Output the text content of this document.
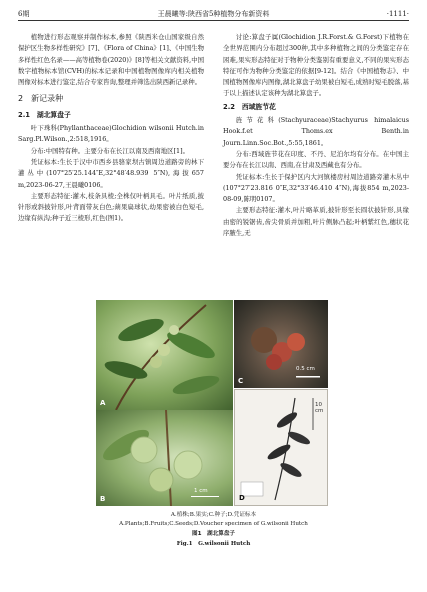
6期	王晨曦等:陕西省5种植物分布新资料	·1111·

植物进行形态观察并制作标本,参照《陕西米仓山国家级自然保护区生物多样性研究》[7]、《Flora of China》[1]、《中国生物多样性红色名录——高等植物卷(2020)》[8]等相关文献资料,中国数字植物标本馆(CVH)的标本记录和中国植物图像库内相关植物图像对标本进行鉴定,结合专家咨询,整理并筛选出陕西新记录种。

2　新记录种
2.1　湖北算盘子

叶下珠科(Phyllanthaceae)Glochidion wilsonii Hutch.in Sarg.Pl.Wilson.,2:518,1916。

分布:中国特有种。主要分布在长江以南及西南地区[1]。

凭证标本:生长于汉中市西乡县骆家坝古镇周边道路旁的林下灌丛中(107°25′25.144″E,32°48′48.939 5″N),海拔657 m,2023-06-27,王晨曦0106。

主要形态特征:灌木,枝条具棱;全株仅叶柄具毛。叶片纸质,披针形或斜披针形,叶背面带灰白色;蒴果扁球状,幼果密被白色短毛,边缘有纵沟;种子近三棱形,红色(图1)。

讨论:算盘子属(Glochidion J.R.Forst.& G.Forst)下植物在全世界范围内分布超过300种,其中多种植物之间的分类鉴定存在困难,果实形态特征对于物种分类鉴别有重要意义,不同的果实形态特征可作为物种分类鉴定的依据[9-12]。结合《中国植物志》、中国植物图像库内图像,湖北算盘子幼果被白短毛,成熟时短毛脱落,基于以上描述认定该种为湖北算盘子。

2.2　西域旌节花

旌节花科(Stachyuraceae)Stachyurus himalaicus Hook.f.et Thoms.ex Benth.in Journ.Linn.Soc.Bot.,5:55,1861。

分布:西域旌节花在印度、不丹、尼泊尔均有分布。在中国主要分布在长江以南、西南,在甘肃及西藏也有分布。

凭证标本:生长于保护区内大河镇楼房村周边道路旁灌木丛中(107°27′23.816 0″E,32°33′46.410 4″N),海拔854 m,2023-08-09,陈明0107。

主要形态特征:灌木,叶片略革质,披针形至长圆状披针形,具缘由密的锐锯齿,齿尖骨质并加粗,叶片侧脉凸起;叶柄紫红色,穗状花序腋生,无

A
B
1 cm
C
0.5 cm
D
10 cm
A.植株;B.果实;C.种子;D.凭证标本
A.Plants;B.Fruits;C.Seeds;D.Voucher specimen of G.wilsonii Hutch
图1　湖北算盘子
Fig.1　G.wilsonii Hutch
